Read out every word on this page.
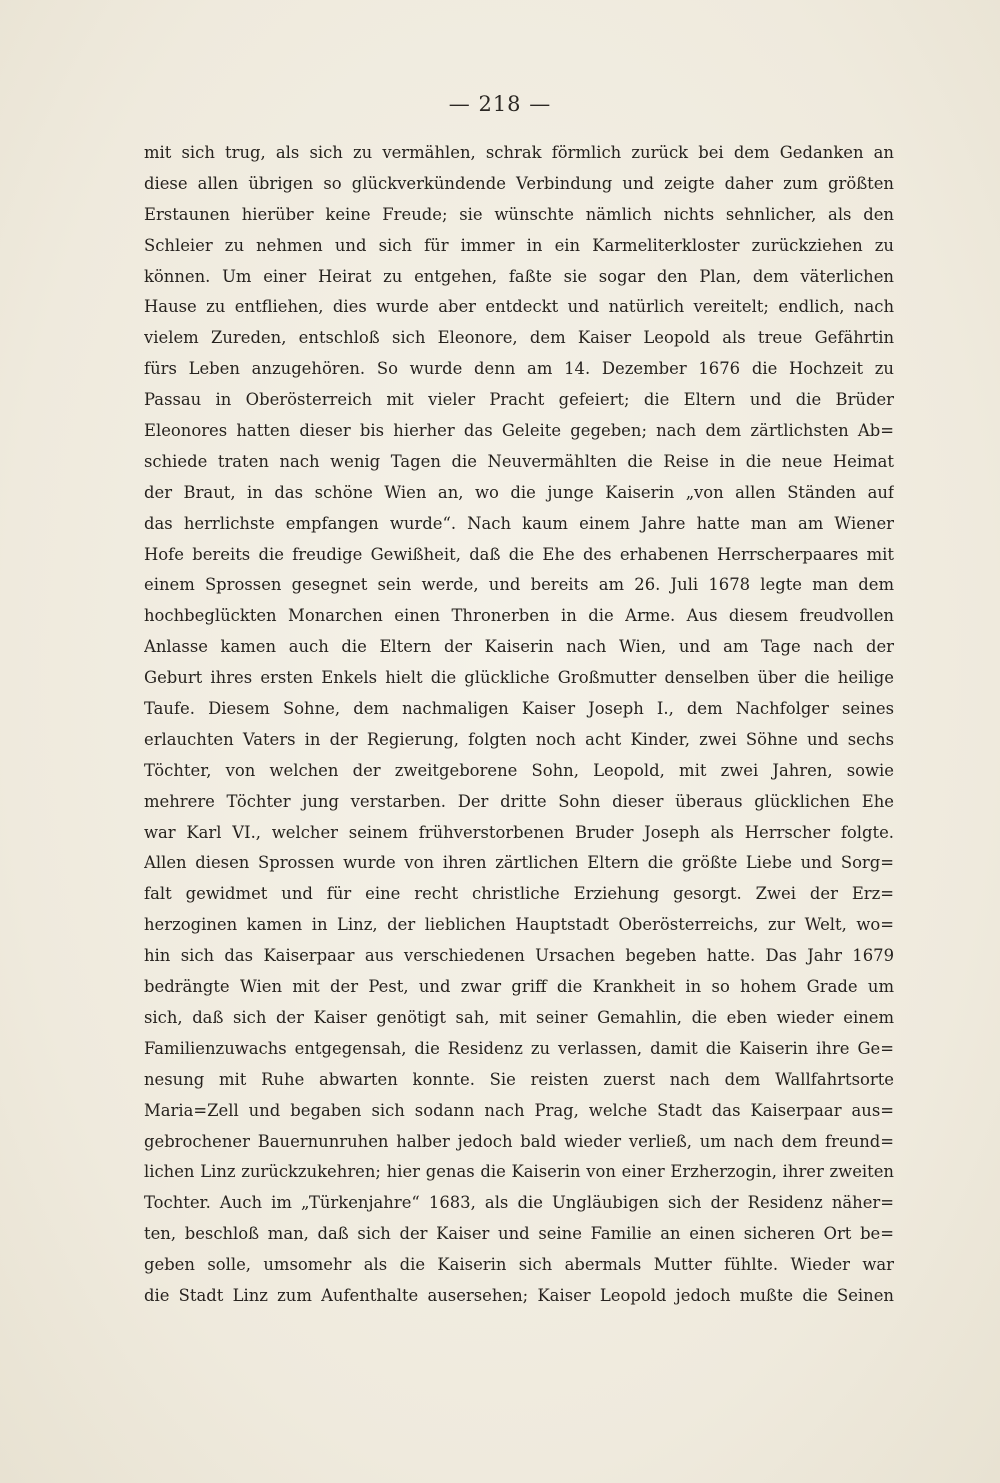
— 218 —
mit sich trug, als sich zu vermählen, schrak förmlich zurück bei dem Gedanken an
diese allen übrigen so glückverkündende Verbindung und zeigte daher zum größten
Erstaunen hierüber keine Freude; sie wünschte nämlich nichts sehnlicher, als den
Schleier zu nehmen und sich für immer in ein Karmeliterkloster zurückziehen zu
können. Um einer Heirat zu entgehen, faßte sie sogar den Plan, dem väterlichen
Hause zu entfliehen, dies wurde aber entdeckt und natürlich vereitelt; endlich, nach
vielem Zureden, entschloß sich Eleonore, dem Kaiser Leopold als treue Gefährtin
fürs Leben anzugehören. So wurde denn am 14. Dezember 1676 die Hochzeit zu
Passau in Oberösterreich mit vieler Pracht gefeiert; die Eltern und die Brüder
Eleonores hatten dieser bis hierher das Geleite gegeben; nach dem zärtlichsten Ab=
schiede traten nach wenig Tagen die Neuvermählten die Reise in die neue Heimat
der Braut, in das schöne Wien an, wo die junge Kaiserin „von allen Ständen auf
das herrlichste empfangen wurde“. Nach kaum einem Jahre hatte man am Wiener
Hofe bereits die freudige Gewißheit, daß die Ehe des erhabenen Herrscherpaares mit
einem Sprossen gesegnet sein werde, und bereits am 26. Juli 1678 legte man dem
hochbeglückten Monarchen einen Thronerben in die Arme. Aus diesem freudvollen
Anlasse kamen auch die Eltern der Kaiserin nach Wien, und am Tage nach der
Geburt ihres ersten Enkels hielt die glückliche Großmutter denselben über die heilige
Taufe. Diesem Sohne, dem nachmaligen Kaiser Joseph I., dem Nachfolger seines
erlauchten Vaters in der Regierung, folgten noch acht Kinder, zwei Söhne und sechs
Töchter, von welchen der zweitgeborene Sohn, Leopold, mit zwei Jahren, sowie
mehrere Töchter jung verstarben. Der dritte Sohn dieser überaus glücklichen Ehe
war Karl VI., welcher seinem frühverstorbenen Bruder Joseph als Herrscher folgte.
Allen diesen Sprossen wurde von ihren zärtlichen Eltern die größte Liebe und Sorg=
falt gewidmet und für eine recht christliche Erziehung gesorgt. Zwei der Erz=
herzoginen kamen in Linz, der lieblichen Hauptstadt Oberösterreichs, zur Welt, wo=
hin sich das Kaiserpaar aus verschiedenen Ursachen begeben hatte. Das Jahr 1679
bedrängte Wien mit der Pest, und zwar griff die Krankheit in so hohem Grade um
sich, daß sich der Kaiser genötigt sah, mit seiner Gemahlin, die eben wieder einem
Familienzuwachs entgegensah, die Residenz zu verlassen, damit die Kaiserin ihre Ge=
nesung mit Ruhe abwarten konnte. Sie reisten zuerst nach dem Wallfahrtsorte
Maria=Zell und begaben sich sodann nach Prag, welche Stadt das Kaiserpaar aus=
gebrochener Bauernunruhen halber jedoch bald wieder verließ, um nach dem freund=
lichen Linz zurückzukehren; hier genas die Kaiserin von einer Erzherzogin, ihrer zweiten
Tochter. Auch im „Türkenjahre“ 1683, als die Ungläubigen sich der Residenz näher=
ten, beschloß man, daß sich der Kaiser und seine Familie an einen sicheren Ort be=
geben solle, umsomehr als die Kaiserin sich abermals Mutter fühlte. Wieder war
die Stadt Linz zum Aufenthalte ausersehen; Kaiser Leopold jedoch mußte die Seinen
